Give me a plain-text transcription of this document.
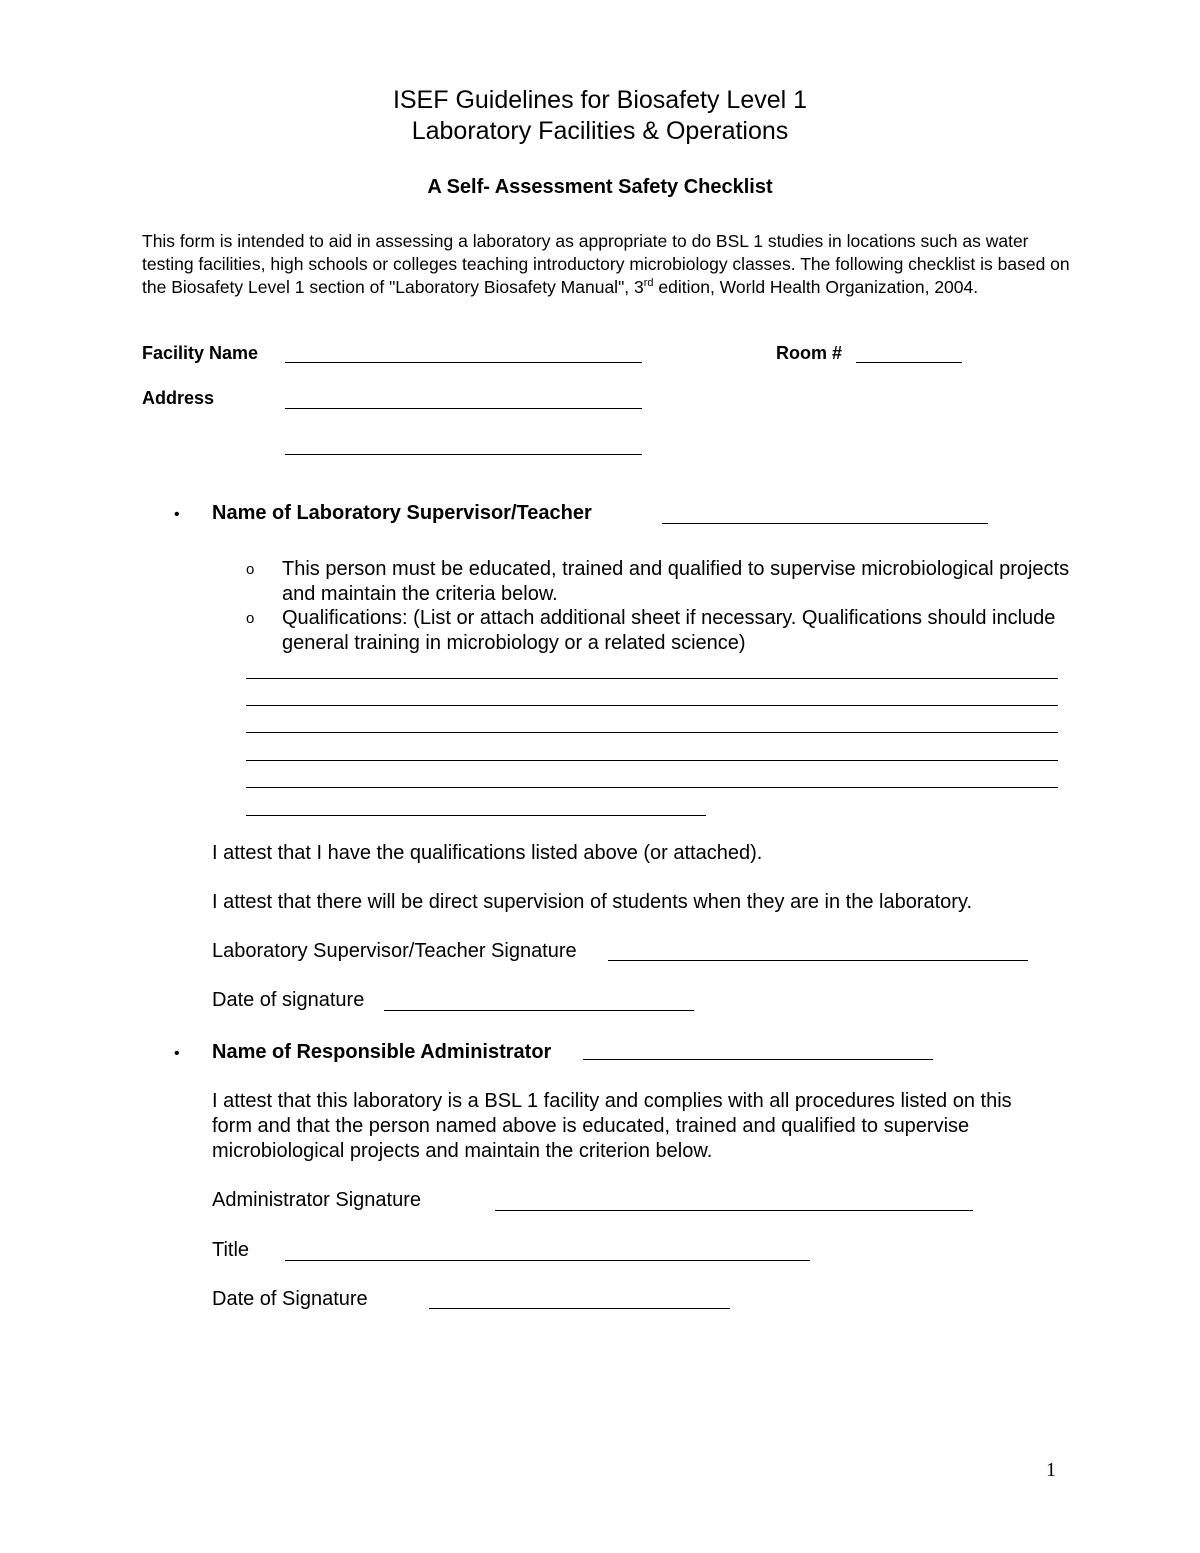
ISEF Guidelines for Biosafety Level 1
Laboratory Facilities & Operations
A Self- Assessment Safety Checklist
This form is intended to aid in assessing a laboratory as appropriate to do BSL 1 studies in locations such as water testing facilities, high schools or colleges teaching introductory microbiology classes. The following checklist is based on the Biosafety Level 1 section of "Laboratory Biosafety Manual", 3rd edition, World Health Organization, 2004.
Facility Name	Room #
Address
• Name of Laboratory Supervisor/Teacher
o This person must be educated, trained and qualified to supervise microbiological projects and maintain the criteria below.
o Qualifications: (List or attach additional sheet if necessary. Qualifications should include general training in microbiology or a related science)
I attest that I have the qualifications listed above (or attached).
I attest that there will be direct supervision of students when they are in the laboratory.
Laboratory Supervisor/Teacher Signature
Date of signature
• Name of Responsible Administrator
I attest that this laboratory is a BSL 1 facility and complies with all procedures listed on this form and that the person named above is educated, trained and qualified to supervise microbiological projects and maintain the criterion below.
Administrator Signature
Title
Date of Signature
1
